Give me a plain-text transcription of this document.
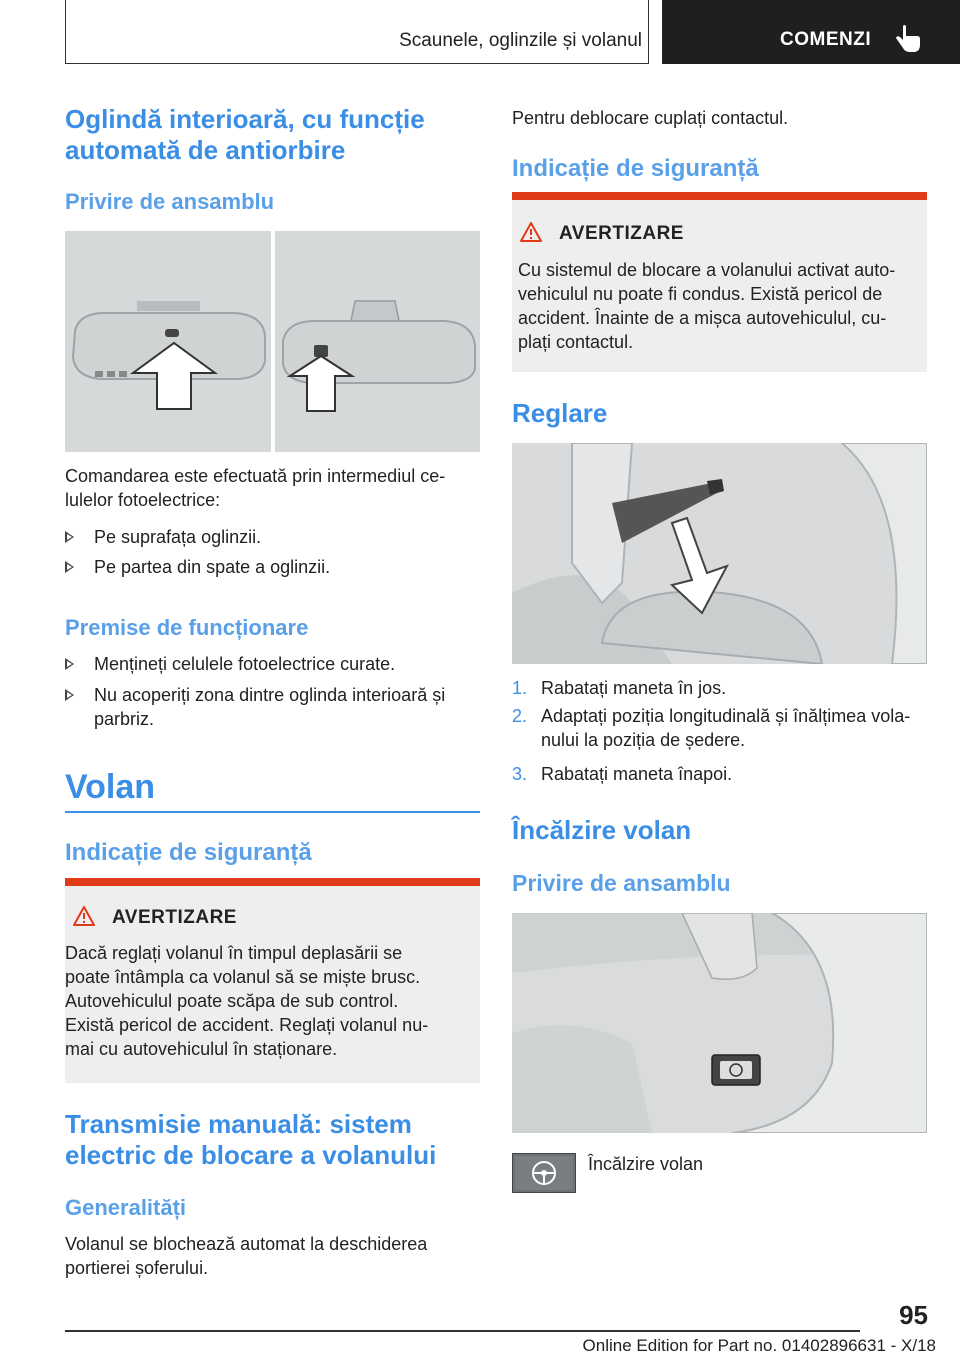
Scaunele, oglinzile și volanul	COMENZI
Oglindă interioară, cu funcție
automată de antiorbire
Privire de ansamblu
Comandarea este efectuată prin intermediul ce‐
lulelor fotoelectrice:
Pe suprafața oglinzii.
Pe partea din spate a oglinzii.
Premise de funcționare
Mențineți celulele fotoelectrice curate.
Nu acoperiți zona dintre oglinda interioară și
parbriz.
Volan
Indicație de siguranță
AVERTIZARE
Dacă reglați volanul în timpul deplasării se
poate întâmpla ca volanul să se miște brusc.
Autovehiculul poate scăpa de sub control.
Există pericol de accident. Reglați volanul nu‐
mai cu autovehiculul în staționare.
Transmisie manuală: sistem
electric de blocare a volanului
Generalități
Volanul se blochează automat la deschiderea
portierei șoferului.
Pentru deblocare cuplați contactul.
Indicație de siguranță
AVERTIZARE
Cu sistemul de blocare a volanului activat auto‐
vehiculul nu poate fi condus. Există pericol de
accident. Înainte de a mișca autovehiculul, cu‐
plați contactul.
Reglare
1. Rabatați maneta în jos.
2. Adaptați poziția longitudinală și înălțimea vola‐
nului la poziția de ședere.
3. Rabatați maneta înapoi.
Încălzire volan
Privire de ansamblu
Încălzire volan
95
Online Edition for Part no. 01402896631 - X/18
